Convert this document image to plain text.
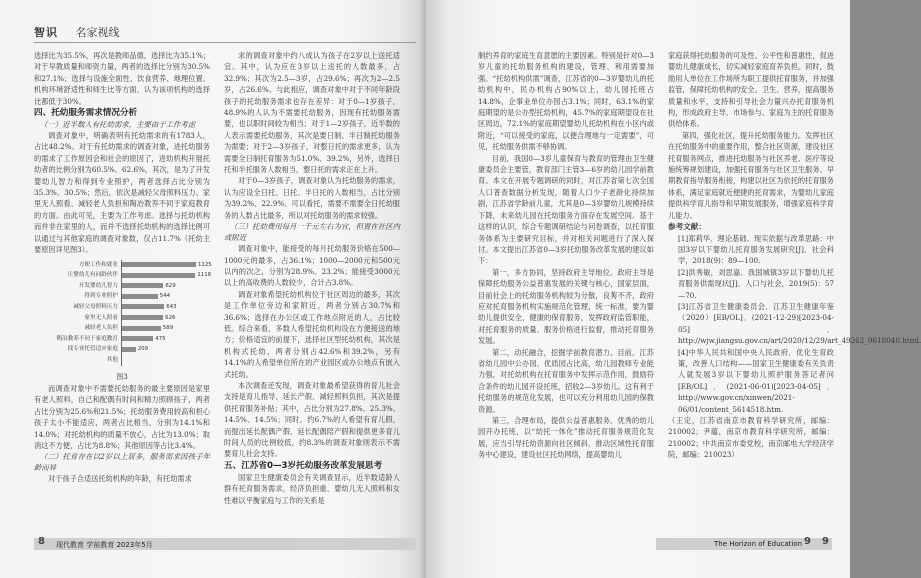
智识 名家视线

选择比为35.5%，再次是教师品德，选择比为35.1%；对于早教质量和师资力量，两者的选择比分别为30.5%和27.1%；选择与设施全面性、饮食营养、地理位置、机构环境舒适性和师生比等方面，认为该项机构的选择比都低于30%。

四、托幼服务需求情况分析

（一）近半数人有托幼需求，主要由于工作考虑

调查对象中，明确表明有托幼需求的有1783人，占比48.2%。对于有托幼需求的调查对象，进托幼服务的需求了工作原因会和社会的原因了，进幼机构开展托幼者的比例分别为60.5%、62.6%，其次，是为了开发婴幼儿智力和得到专业照护，两者选择占比分别为35.3%、30.5%；然后，依次是减轻父母照料压力、家里无人照看、减轻老人负担和陶冶教养不同于家庭教育的方面。由此可见，主要为工作考虑。选择与托幼机构而并非在家里的人，而并不选择托幼机构的选择比例可以通过与其他家庭的调查对象数，仅占11.7%（托幼主要原因详见图3）。

方便工作和就业	1125
让婴幼儿有同龄伙伴	1116
开发婴幼儿智力	629
得到专业照护	544
减轻父母照料压力	643
家里无人照看	626
减轻老人负担	589
陶冶教养不同于家庭教育	475
找专业托管适应家庭	209
其他

图3

而调查对象中不需要托幼服务的最主要原因是家里有老人照料，自己和配偶有时间和精力照顾孩子，两者占比分别为25.6%和21.5%；托幼服务费用较高和担心孩子太小不能适应，两者占比相当，分别为14.1%和14.0%；对托幼机构的质量不放心，占比为13.0%；取消这不方便，占比为8.8%；其他原因等占比3.4%。

（二）托育存在以2岁以上居多，服务需求因孩子年龄而异

对于孩子合适送托幼机构的年龄，有托幼需求

求的调查对象中约八成认为孩子在2岁以上送托适宜。其中，认为应在3岁以上送托的人数最多，占32.9%；其次为2.5—3岁，占29.6%；再次为2—2.5岁，占26.6%。与此相应，调查对象中对于不同年龄段孩子的托幼服务需求也存在差异：对于0—1岁孩子，48.9%的人认为不需要托幼服务，因现有托幼服务需要，也以职时间较为相当；对于1—2岁孩子，近半数的人表示需要托幼服务，其次是要日制、半日制托幼服务为需要；对于2—3岁孩子，对整日托的需求更多，认为需要全日制托育服务为51.0%、39.2%，另外，选择日托和半托服务人数相当，整日托的需求正在上升。

对于0—3岁孩子，调查对象认为托幼服务的需求，认为应设全日托、日托、半日托的人数相当，占比分别为39.2%、22.9%、可以看托，需要不需要全日托幼服务的人数占比最多，所以对托幼服务的需求较强。

（三）托幼费用每月一千元左右为宜，但置在社区内或附近

调查对象中，能接受的每月托幼服务价格在500—1000元的最多，占36.1%；1000—2000元和500元以内的次之，分别为28.9%、23.2%；能接受3000元以上的高收费的人数较少，合计占3.8%。

调查对象希望托幼机构位于社区周边的最多，其次是工作单位旁边和家附近，两者分别占30.7%和36.6%；选择在办公区或工作地点附近的人，占比较低。综合来看，多数人希望托幼机构设在方便接送的地方；价格适宜的前提下，选择社区型托幼机构，其次是机构式托幼，两者分别占42.6%和39.2%，另有14.1%的人希望单位所在的产业园区或办公地点有嵌入式托幼。

本次调查还发现，调查对象最希望获得的育儿社会支持是育儿指导、延长产假、减轻照料负担，其次是提供托育服务补贴；其中，占比分别为27.8%、25.3%、14.5%、14.5%；同时，约6.7%的人希望有育儿假，而提出延长配偶产假、延长配偶陪产假和提供更多育儿时间人员的比例较低，约8.3%的调查对象则表示不需要育儿社会支持。

五、江苏省0—3岁托幼服务改革发展思考

国家卫生健康委员会有关调查显示，近半数适龄人群有托育服务需求，经济负担重、婴幼儿无人照料和女性难以平衡家庭与工作的关系是

8 现代教育 学前教育 2023年5月

制约养育的家庭生育意愿的主要因素。特别是针对0—3岁儿童的托幼服务机构的建设，管理、利用需要加强。“托幼机构供需”调查，江苏省的0—3岁婴幼儿的托幼机构中，民办机构占90%以上，幼儿园托班占14.8%，企事业单位办园占3.1%；同时，63.1%的家庭期望的是公办型托幼机构，45.7%的家庭期望设在社区周边，72.1%的家庭期望婴幼儿托幼机构在小区内或附近，“可以接受的家庭，以便合理地与一定需要”，可见，托幼服务供需不够协调。

目前，我国0—3岁儿童保育与教育的管理由卫生健康委员会主要管，教育部门主管3—6岁的幼儿园学前教育。本文在开展专题调研的同时，对江苏省第七次全国人口普查数据分析发现，随着人口少子老龄化持续加剧，江苏省学龄前儿童，尤其是0—3岁婴幼儿规模持续下降，未来幼儿园在托幼服务方面存在发展空间。基于这样的认识，综合专题调研结论与问卷调查，以托育服务体系为主要研究目标，并对相关问题进行了深入探讨。本文提出江苏省0—3岁托幼服务改革发展的建议如下：

第一，多方协同，坚持政府主导地位。政府主导是保障托幼服务公益普惠发展的关键与核心，国家层面，目前社会上的托幼服务机构较为分散，良莠不齐，政府应对托育服务机构实施规范化管理，统一标准，要为婴幼儿提供安全、健康的保育服务，发挥政府监管职能，对托育服务的质量、服务价格进行监督，推动托育服务发展。

第二，动托融合，挖掘学前教育潜力。目前，江苏省幼儿园中公办园、优质园占比高，幼儿园教师专业能力强，对托幼机构在托育服务中发挥示范作用，鼓励符合条件的幼儿园开设托班，招收2—3岁幼儿。这有利于托幼服务的规范化发展，也可以充分利用幼儿园的保教资源。

第三，合理布局，提供公益普惠服务。优秀的幼儿园开办托班，以“幼托一体化”推动托育服务规范化发展，应当引导托幼资源向社区倾斜、推动区域性托育服务中心建设，建设社区托幼网络，提高婴幼儿

家庭获得托幼服务的可及性、公平性和普惠性，促进婴幼儿健康成长，切实减轻家庭育养负担。同时，鼓励用人单位在工作场所为职工提供托育服务，并加强监管，保障托幼机构的安全、卫生、营养，提高服务质量和水平，支持和引导社会力量兴办托育服务机构，形成政府主导、市场参与、家庭为主的托育服务供给体系。

第四，强化社区，提升托幼服务能力。发挥社区在托幼服务中的重要作用，整合社区资源，建设社区托育服务网点，推进托幼服务与社区养老、医疗等设施统筹规划建设，加强托育服务与社区卫生服务、早期教育指导服务衔接，构建以社区为依托的托育服务体系，满足家庭就近便捷的托育需求，为婴幼儿家庭提供科学育儿指导和早期发展服务，增强家庭科学育儿能力。

参考文献：

[1]郑莉华．理论基础、现实依据与改革思路：中国3岁以下婴幼儿托育服务发展研究[J]．社会科学，2018(9)：89—100.

[2]洪秀敏，刘思嘉．我国城镇3岁以下婴幼儿托育服务供需现状[J]．人口与社会，2019(5)：57—70.

[3]江苏省卫生健康委员会．江苏卫生健康年鉴（2020）[EB/OL]．(2021-12-29)[2023-04-05]．http://wjw.jiangsu.gov.cn/art/2020/12/29/art_49262_9618040.html.

[4]中华人民共和国中央人民政府．优化生育政策，改善人口结构——国家卫生健康委有关负责人就发展3岁以下婴幼儿照护服务答记者问[EB/OL]．(2021-06-01)[2023-04-05]．http://www.gov.cn/xinwen/2021-06/01/content_5614518.htm.

（王定，江苏省南京市教育科学研究所，邮编：210002；尹蕴，南京市教育科学研究所，邮编：210002；中共南京市委党校，南京邮电大学经济学院，邮编：210023）

The Horizon of Education 9 9
